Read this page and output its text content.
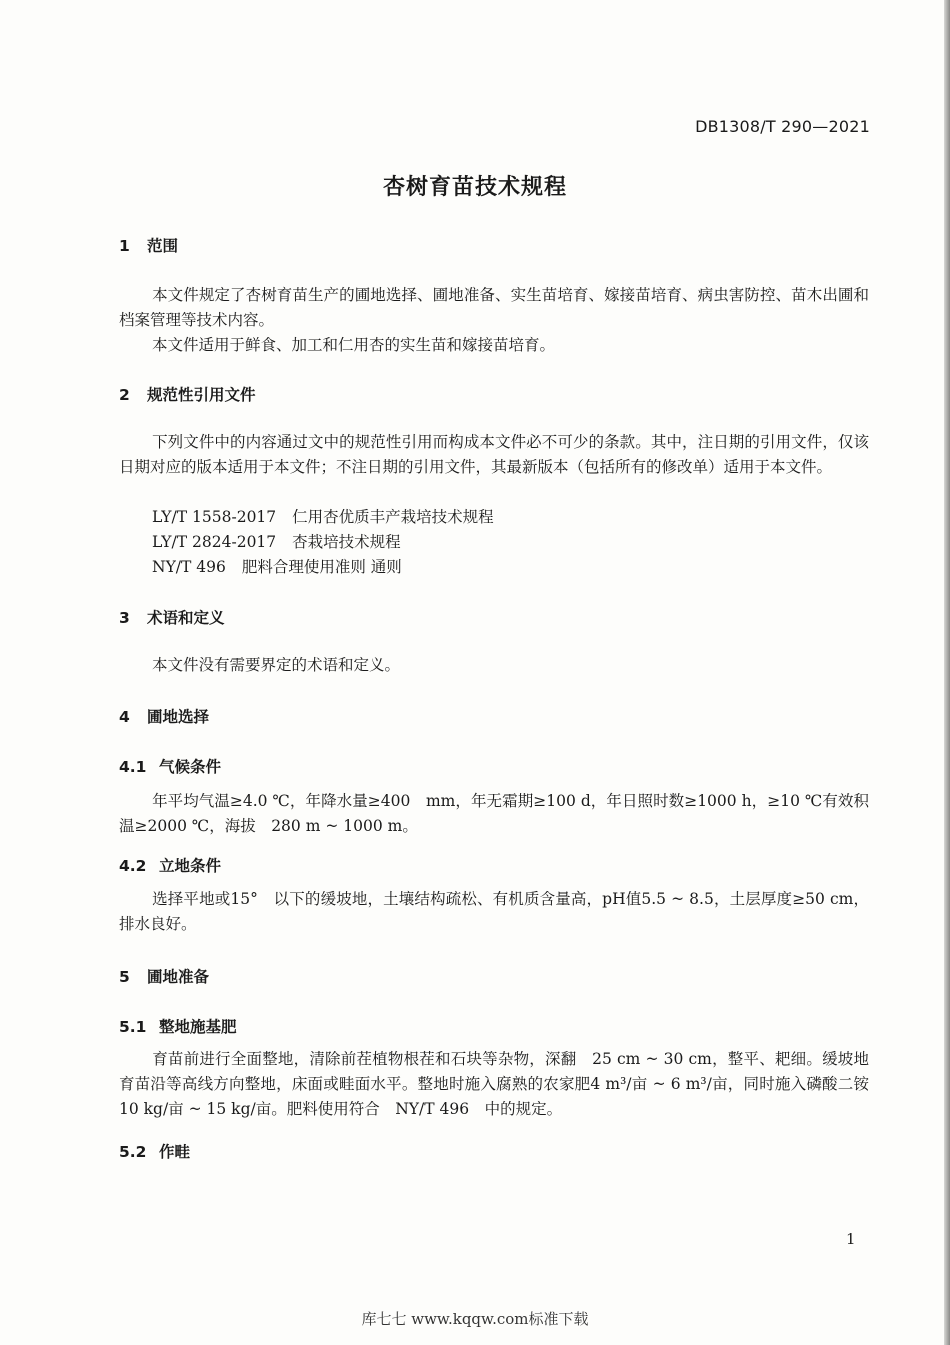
DB1308/T 290—2021
杏树育苗技术规程
1 范围
本文件规定了杏树育苗生产的圃地选择、圃地准备、实生苗培育、嫁接苗培育、病虫害防控、苗木出圃和档案管理等技术内容。
本文件适用于鲜食、加工和仁用杏的实生苗和嫁接苗培育。
2 规范性引用文件
下列文件中的内容通过文中的规范性引用而构成本文件必不可少的条款。其中，注日期的引用文件，仅该日期对应的版本适用于本文件；不注日期的引用文件，其最新版本（包括所有的修改单）适用于本文件。
LY/T 1558-2017 仁用杏优质丰产栽培技术规程
LY/T 2824-2017 杏栽培技术规程
NY/T 496 肥料合理使用准则 通则
3 术语和定义
本文件没有需要界定的术语和定义。
4 圃地选择
4.1 气候条件
年平均气温≥4.0 ℃，年降水量≥400　mm，年无霜期≥100 d，年日照时数≥1000 h，≥10 ℃有效积温≥2000 ℃，海拔　280 m ~ 1000 m。
4.2 立地条件
选择平地或15°　以下的缓坡地，土壤结构疏松、有机质含量高，pH值5.5 ~ 8.5，土层厚度≥50 cm，排水良好。
5 圃地准备
5.1 整地施基肥
育苗前进行全面整地，清除前茬植物根茬和石块等杂物，深翻　25 cm ~ 30 cm，整平、耙细。缓坡地育苗沿等高线方向整地，床面或畦面水平。整地时施入腐熟的农家肥4 m³/亩 ~ 6 m³/亩，同时施入磷酸二铵　10 kg/亩 ~ 15 kg/亩。肥料使用符合　NY/T 496　中的规定。
5.2 作畦
1
库七七 www.kqqw.com标准下载
